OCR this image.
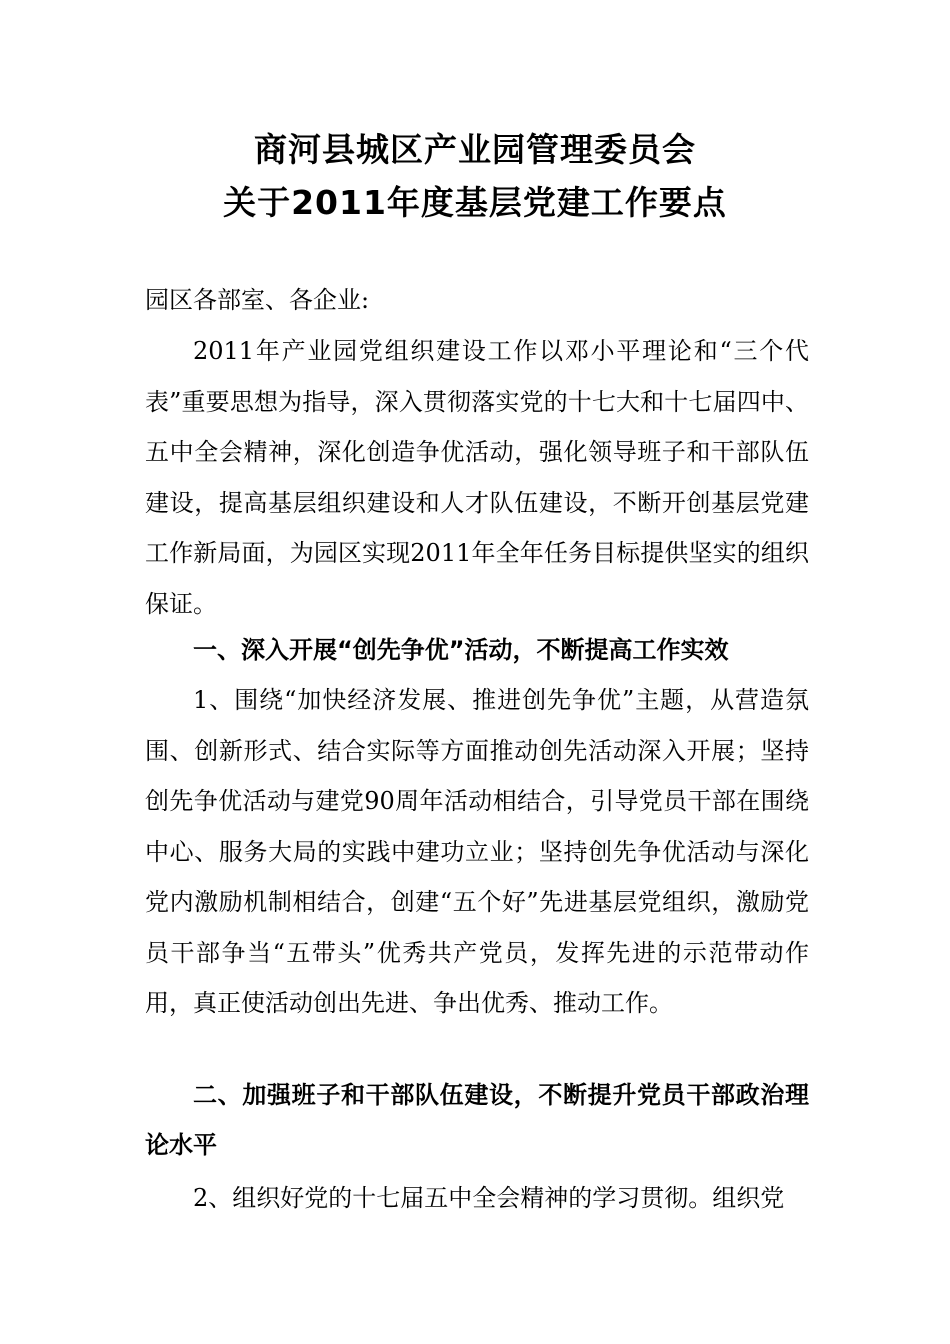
商河县城区产业园管理委员会
关于2011年度基层党建工作要点
园区各部室、各企业:
2011年产业园党组织建设工作以邓小平理论和“三个代表”重要思想为指导，深入贯彻落实党的十七大和十七届四中、五中全会精神，深化创造争优活动，强化领导班子和干部队伍建设，提高基层组织建设和人才队伍建设，不断开创基层党建工作新局面，为园区实现2011年全年任务目标提供坚实的组织保证。
一、深入开展“创先争优”活动，不断提高工作实效
1、围绕“加快经济发展、推进创先争优”主题，从营造氛围、创新形式、结合实际等方面推动创先活动深入开展；坚持创先争优活动与建党90周年活动相结合，引导党员干部在围绕中心、服务大局的实践中建功立业；坚持创先争优活动与深化党内激励机制相结合，创建“五个好”先进基层党组织，激励党员干部争当“五带头”优秀共产党员，发挥先进的示范带动作用，真正使活动创出先进、争出优秀、推动工作。
二、加强班子和干部队伍建设，不断提升党员干部政治理论水平
2、组织好党的十七届五中全会精神的学习贯彻。组织党
